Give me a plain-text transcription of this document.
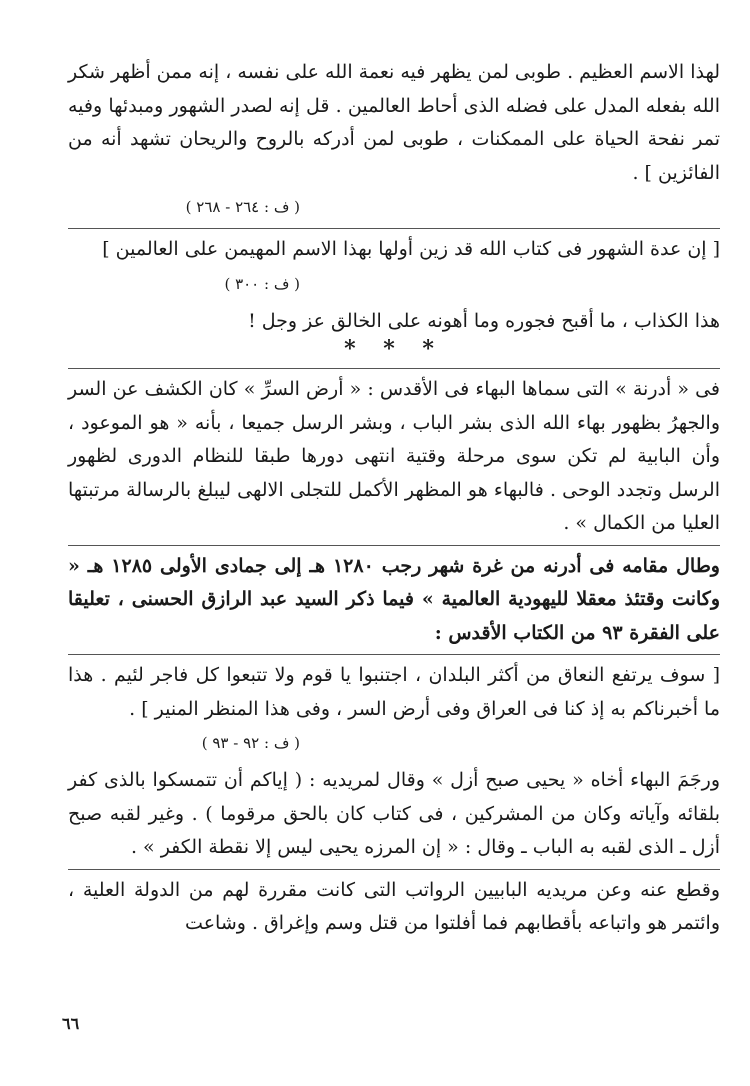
لهذا الاسم العظيم . طوبى لمن يظهر فيه نعمة الله على نفسه ، إنه ممن أظهر شكر الله بفعله المدل على فضله الذى أحاط العالمين . قل إنه لصدر الشهور ومبدئها وفيه تمر نفحة الحياة على الممكنات ، طوبى لمن أدركه بالروح والريحان تشهد أنه من الفائزين ] .

( ف : ٢٦٤ - ٢٦٨ )

[ إن عدة الشهور فى كتاب الله قد زين أولها بهذا الاسم المهيمن على العالمين ]

( ف : ٣٠٠ )

هذا الكذاب ، ما أقبح فجوره وما أهونه على الخالق عز وجل !

* * *

فى « أدرنة » التى سماها البهاء فى الأقدس : « أرض السرِّ » كان الكشف عن السر والجهرُ بظهور بهاء الله الذى بشر الباب ، وبشر الرسل جميعا ، بأنه « هو الموعود ، وأن البابية لم تكن سوى مرحلة وقتية انتهى دورها طبقا للنظام الدورى لظهور الرسل وتجدد الوحى . فالبهاء هو المظهر الأكمل للتجلى الالهى ليبلغ بالرسالة مرتبتها العليا من الكمال » .

وطال مقامه فى أدرنه من غرة شهر رجب ١٢٨٠ هـ إلى جمادى الأولى ١٢٨٥ هـ « وكانت وقتئذ معقلا لليهودية العالمية » فيما ذكر السيد عبد الرازق الحسنى ، تعليقا على الفقرة ٩٣ من الكتاب الأقدس :

[ سوف يرتفع النعاق من أكثر البلدان ، اجتنبوا يا قوم ولا تتبعوا كل فاجر لئيم . هذا ما أخبرناكم به إذ كنا فى العراق وفى أرض السر ، وفى هذا المنظر المنير ] .

( ف : ٩٢ - ٩٣ )

ورجَمَ البهاء أخاه « يحيى صبح أزل » وقال لمريديه : ( إياكم أن تتمسكوا بالذى كفر بلقائه وآياته وكان من المشركين ، فى كتاب كان بالحق مرقوما ) . وغير لقبه صبح أزل ـ الذى لقبه به الباب ـ وقال : « إن المرزه يحيى ليس إلا نقطة الكفر » .

وقطع عنه وعن مريديه البابيين الرواتب التى كانت مقررة لهم من الدولة العلية ، وائتمر هو واتباعه بأقطابهم فما أفلتوا من قتل وسم وإغراق . وشاعت

٦٦
